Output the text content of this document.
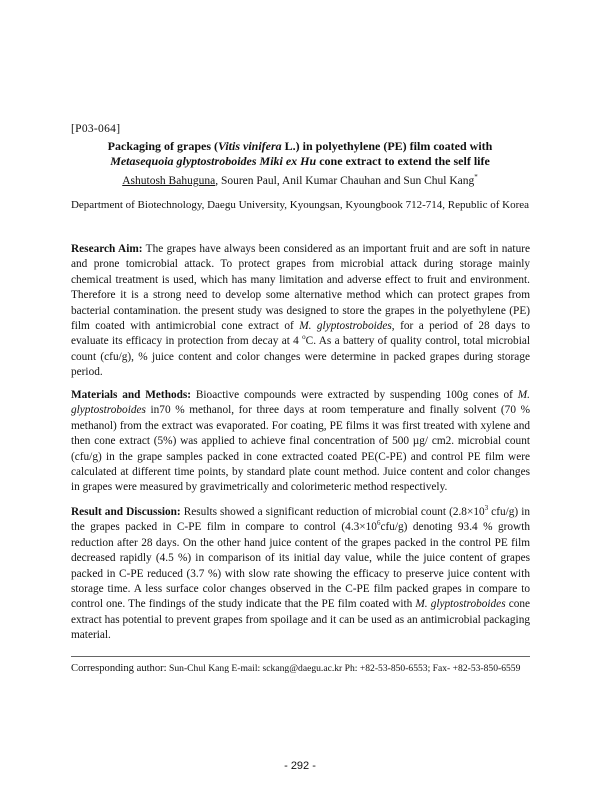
[P03-064]
Packaging of grapes (Vitis vinifera L.) in polyethylene (PE) film coated with
Metasequoia glyptostroboides Miki ex Hu cone extract to extend the self life
Ashutosh Bahuguna, Souren Paul, Anil Kumar Chauhan and Sun Chul Kang*
Department of Biotechnology, Daegu University, Kyoungsan, Kyoungbook 712-714, Republic of Korea
Research Aim: The grapes have always been considered as an important fruit and are soft in nature and prone tomicrobial attack. To protect grapes from microbial attack during storage mainly chemical treatment is used, which has many limitation and adverse effect to fruit and environment. Therefore it is a strong need to develop some alternative method which can protect grapes from bacterial contamination. the present study was designed to store the grapes in the polyethylene (PE) film coated with antimicrobial cone extract of M. glyptostroboides, for a period of 28 days to evaluate its efficacy in protection from decay at 4 $^o$C. As a battery of quality control, total microbial count (cfu/g), % juice content and color changes were determine in packed grapes during storage period.
Materials and Methods: Bioactive compounds were extracted by suspending 100g cones of M. glyptostroboides in70 % methanol, for three days at room temperature and finally solvent (70 % methanol) from the extract was evaporated. For coating, PE films it was first treated with xylene and then cone extract (5%) was applied to achieve final concentration of 500 µg/ cm2. microbial count (cfu/g) in the grape samples packed in cone extracted coated PE(C-PE) and control PE film were calculated at different time points, by standard plate count method. Juice content and color changes in grapes were measured by gravimetrically and colorimeteric method respectively.
Result and Discussion: Results showed a significant reduction of microbial count ($2.8\times 10^3$ cfu/g) in the grapes packed in C-PE film in compare to control $(4.3\times 10^6cfu/g)$ denoting 93.4 % growth reduction after 28 days. On the other hand juice content of the grapes packed in the control PE film decreased rapidly (4.5 %) in comparison of its initial day value, while the juice content of grapes packed in C-PE reduced (3.7 %) with slow rate showing the efficacy to preserve juice content with storage time. A less surface color changes observed in the C-PE film packed grapes in compare to control one. The findings of the study indicate that the PE film coated with M. glyptostroboides cone extract has potential to prevent grapes from spoilage and it can be used as an antimicrobial packaging material.
Corresponding author: Sun-Chul Kang E-mail: sckang@daegu.ac.kr Ph: +82-53-850-6553; Fax- +82-53-850-6559
- 292 -
